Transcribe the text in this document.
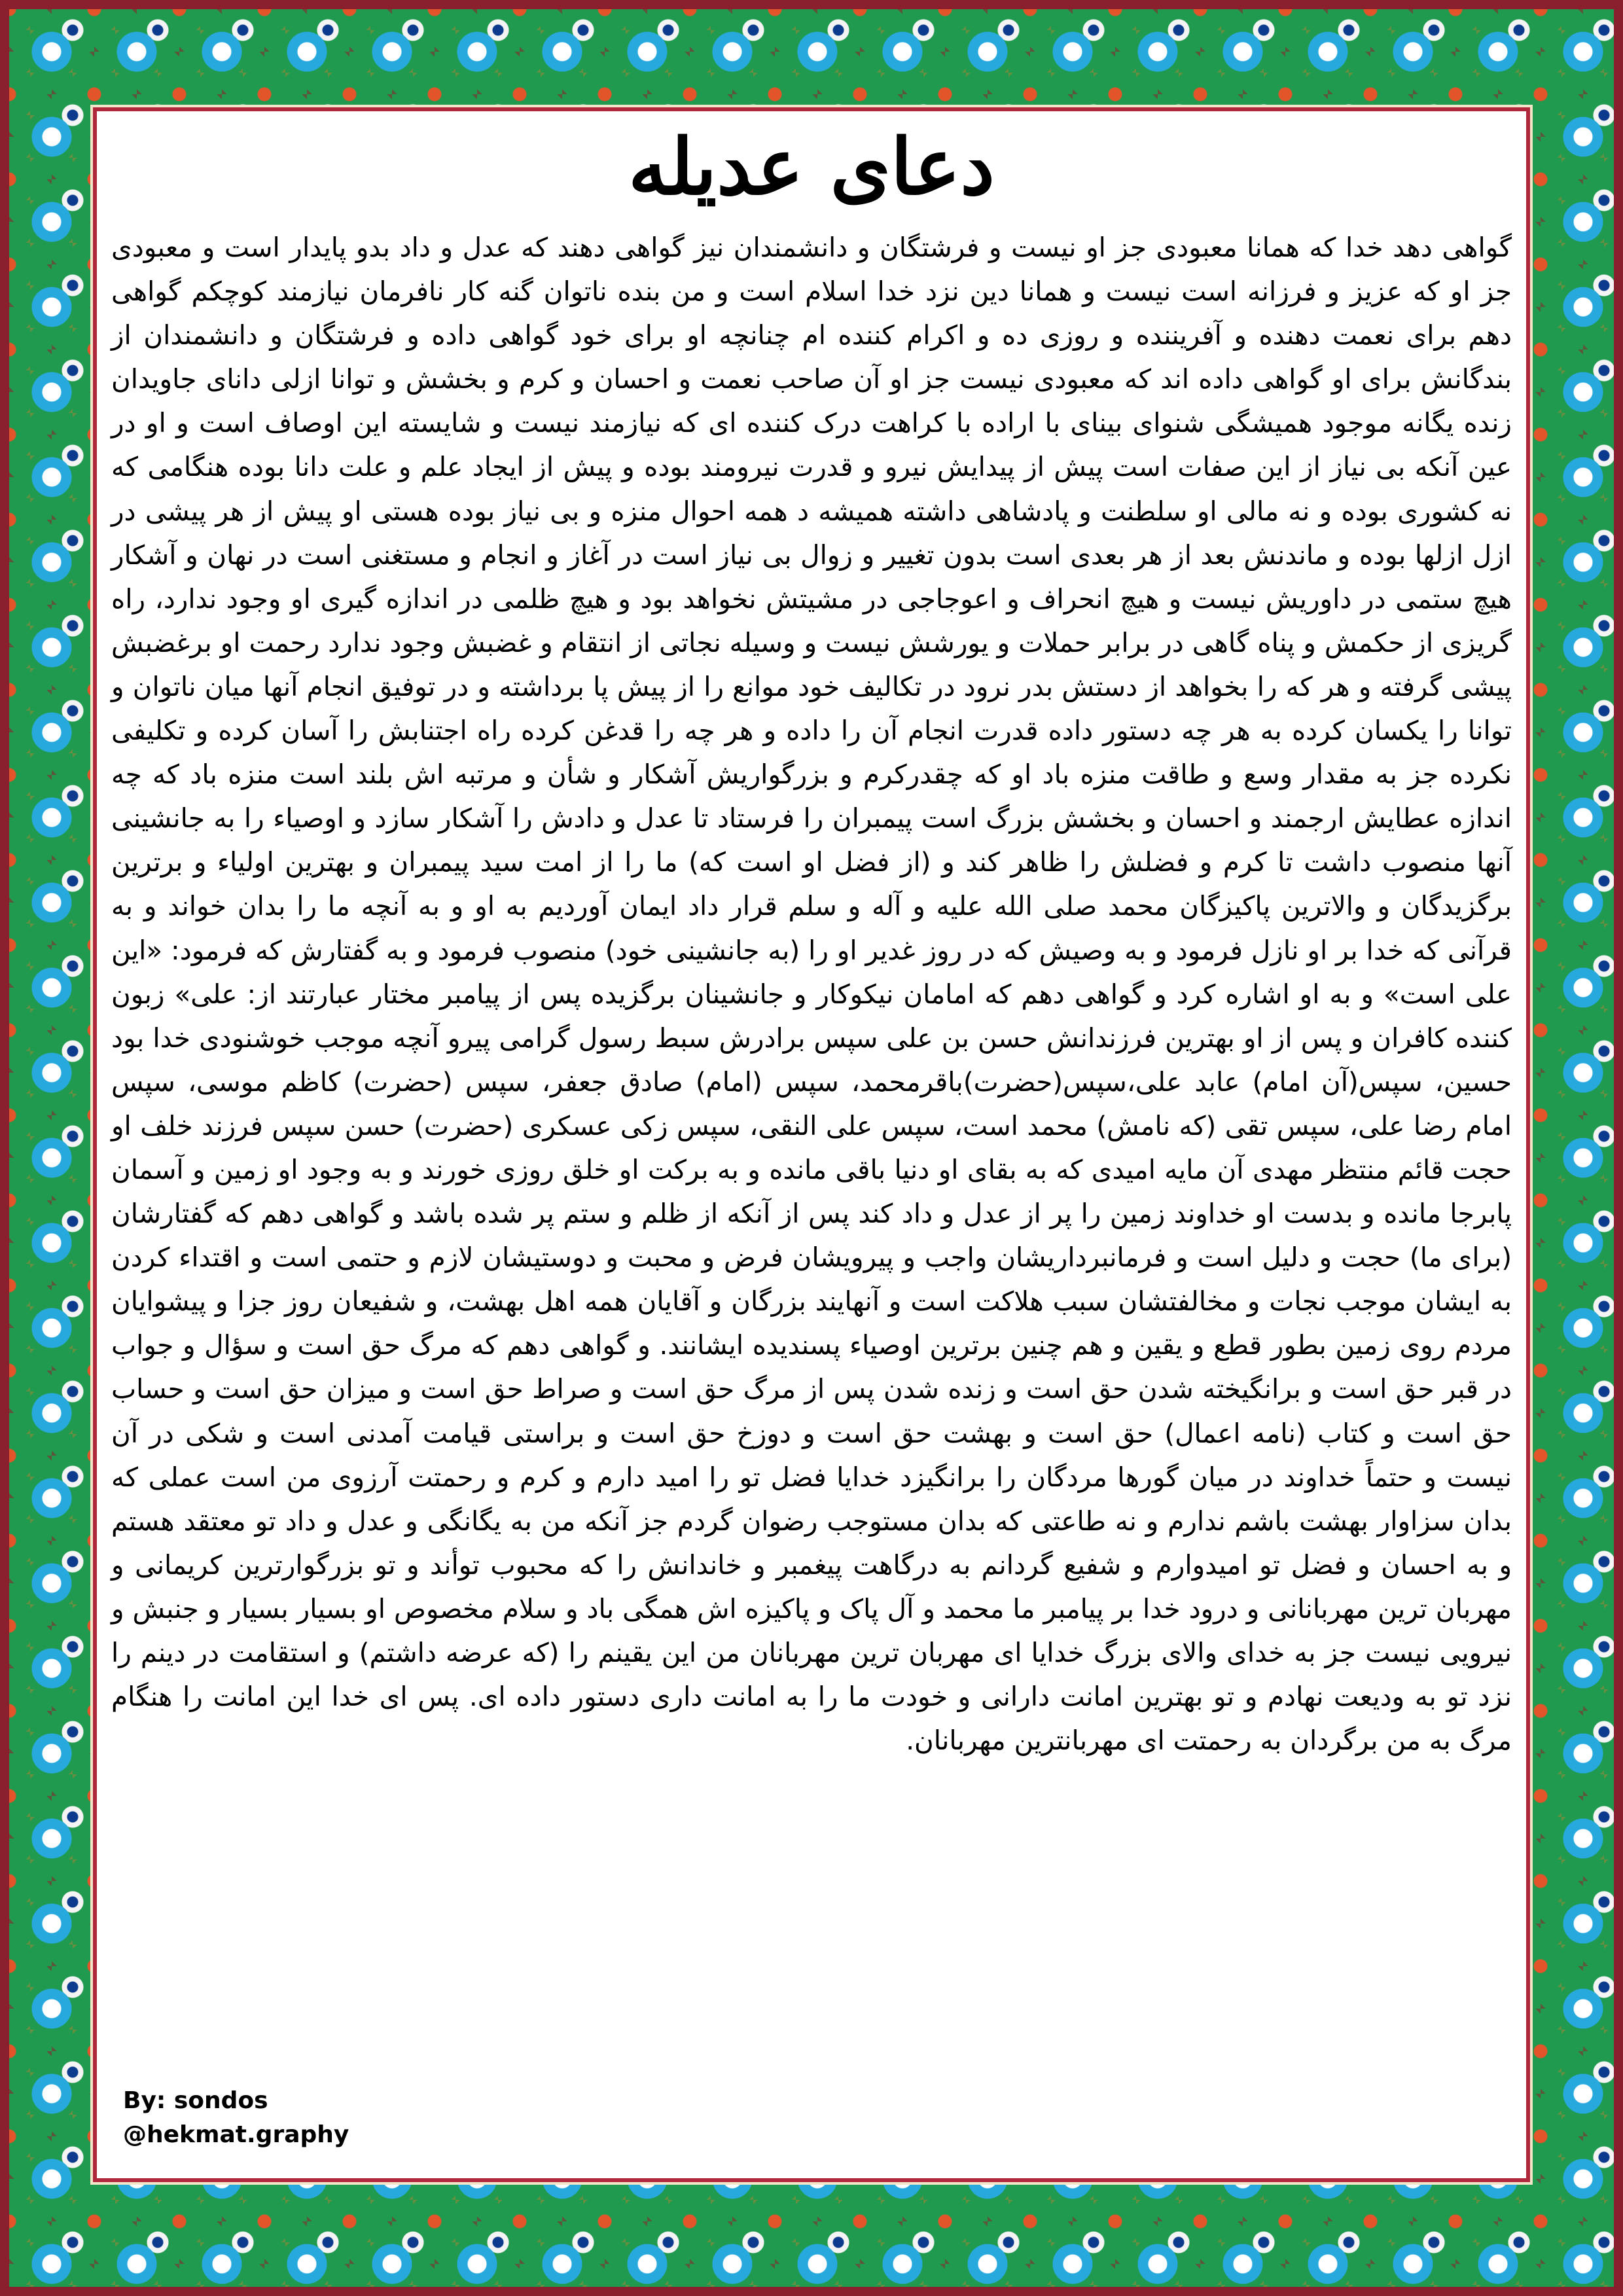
دعای عدیله

گواهی دهد خدا که همانا معبودی جز او نیست و فرشتگان و دانشمندان نیز گواهی دهند که عدل و داد بدو پایدار است و معبودی جز او که عزیز و فرزانه است نیست و همانا دین نزد خدا اسلام است و من بنده ناتوان گنه کار نافرمان نیازمند کوچکم گواهی دهم برای نعمت دهنده و آفریننده و روزی ده و اکرام کننده ام چنانچه او برای خود گواهی داده و فرشتگان و دانشمندان از بندگانش برای او گواهی داده اند که معبودی نیست جز او آن صاحب نعمت و احسان و کرم و بخشش و توانا ازلی دانای جاویدان زنده یگانه موجود همیشگی شنوای بینای با اراده با کراهت درک کننده ای که نیازمند نیست و شایسته این اوصاف است و او در عین آنکه بی نیاز از این صفات است پیش از پیدایش نیرو و قدرت نیرومند بوده و پیش از ایجاد علم و علت دانا بوده هنگامی که نه کشوری بوده و نه مالی او سلطنت و پادشاهی داشته همیشه د همه احوال منزه و بی نیاز بوده هستی او پیش از هر پیشی در ازل ازلها بوده و ماندنش بعد از هر بعدی است بدون تغییر و زوال بی نیاز است در آغاز و انجام و مستغنی است در نهان و آشکار هیچ ستمی در داوریش نیست و هیچ انحراف و اعوجاجی در مشیتش نخواهد بود و هیچ ظلمی در اندازه گیری او وجود ندارد، راه گریزی از حکمش و پناه گاهی در برابر حملات و یورشش نیست و وسیله نجاتی از انتقام و غضبش وجود ندارد رحمت او برغضبش پیشی گرفته و هر که را بخواهد از دستش بدر نرود در تکالیف خود موانع را از پیش پا برداشته و در توفیق انجام آنها میان ناتوان و توانا را یکسان کرده به هر چه دستور داده قدرت انجام آن را داده و هر چه را قدغن کرده راه اجتنابش را آسان کرده و تکلیفی نکرده جز به مقدار وسع و طاقت منزه باد او که چقدرکرم و بزرگواریش آشکار و شأن و مرتبه اش بلند است منزه باد که چه اندازه عطایش ارجمند و احسان و بخشش بزرگ است پیمبران را فرستاد تا عدل و دادش را آشکار سازد و اوصیاء را به جانشینی آنها منصوب داشت تا کرم و فضلش را ظاهر کند و (از فضل او است که) ما را از امت سید پیمبران و بهترین اولیاء و برترین برگزیدگان و والاترین پاکیزگان محمد صلی الله علیه و آله و سلم قرار داد ایمان آوردیم به او و به آنچه ما را بدان خواند و به قرآنی که خدا بر او نازل فرمود و به وصیش که در روز غدیر او را (به جانشینی خود) منصوب فرمود و به گفتارش که فرمود: «این علی است» و به او اشاره کرد و گواهی دهم که امامان نیکوکار و جانشینان برگزیده پس از پیامبر مختار عبارتند از: علی» زبون کننده کافران و پس از او بهترین فرزندانش حسن بن علی سپس برادرش سبط رسول گرامی پیرو آنچه موجب خوشنودی خدا بود حسین، سپس(آن امام) عابد علی،سپس(حضرت)باقرمحمد، سپس (امام) صادق جعفر، سپس (حضرت) کاظم موسی، سپس امام رضا علی، سپس تقی (که نامش) محمد است، سپس علی النقی، سپس زکی عسکری (حضرت) حسن سپس فرزند خلف او حجت قائم منتظر مهدی آن مایه امیدی که به بقای او دنیا باقی مانده و به برکت او خلق روزی خورند و به وجود او زمین و آسمان پابرجا مانده و بدست او خداوند زمین را پر از عدل و داد کند پس از آنکه از ظلم و ستم پر شده باشد و گواهی دهم که گفتارشان (برای ما) حجت و دلیل است و فرمانبرداریشان واجب و پیرویشان فرض و محبت و دوستیشان لازم و حتمی است و اقتداء کردن به ایشان موجب نجات و مخالفتشان سبب هلاکت است و آنهایند بزرگان و آقایان همه اهل بهشت، و شفیعان روز جزا و پیشوایان مردم روی زمین بطور قطع و یقین و هم چنین برترین اوصیاء پسندیده ایشانند. و گواهی دهم که مرگ حق است و سؤال و جواب در قبر حق است و برانگیخته شدن حق است و زنده شدن پس از مرگ حق است و صراط حق است و میزان حق است و حساب حق است و کتاب (نامه اعمال) حق است و بهشت حق است و دوزخ حق است و براستی قیامت آمدنی است و شکی در آن نیست و حتماً خداوند در میان گورها مردگان را برانگیزد خدایا فضل تو را امید دارم و کرم و رحمتت آرزوی من است عملی که بدان سزاوار بهشت باشم ندارم و نه طاعتی که بدان مستوجب رضوان گردم جز آنکه من به یگانگی و عدل و داد تو معتقد هستم و به احسان و فضل تو امیدوارم و شفیع گردانم به درگاهت پیغمبر و خاندانش را که محبوب توأند و تو بزرگوارترین کریمانی و مهربان ترین مهربانانی و درود خدا بر پیامبر ما محمد و آل پاک و پاکیزه اش همگی باد و سلام مخصوص او بسیار بسیار و جنبش و نیرویی نیست جز به خدای والای بزرگ خدایا ای مهربان ترین مهربانان من این یقینم را (که عرضه داشتم) و استقامت در دینم را نزد تو به ودیعت نهادم و تو بهترین امانت دارانی و خودت ما را به امانت داری دستور داده ای. پس ای خدا این امانت را هنگام مرگ به من برگردان به رحمتت ای مهربانترین مهربانان.

By: sondos
@hekmat.graphy
